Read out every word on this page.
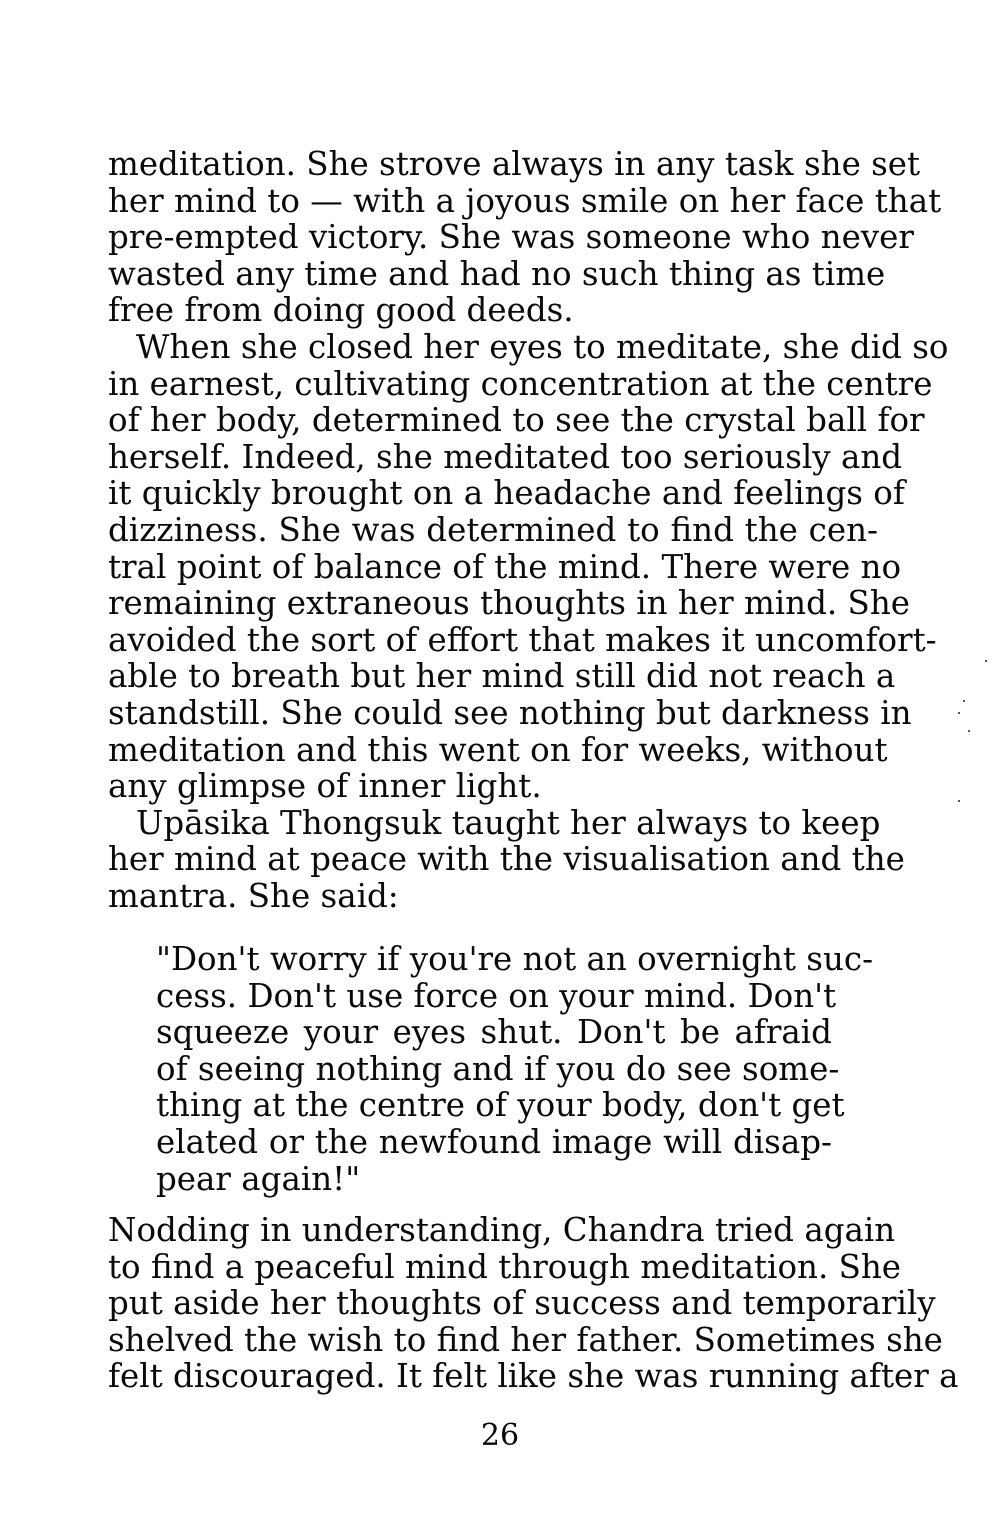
meditation. She strove always in any task she set
her mind to — with a joyous smile on her face that
pre-empted victory. She was someone who never
wasted any time and had no such thing as time
free from doing good deeds.
When she closed her eyes to meditate, she did so
in earnest, cultivating concentration at the centre
of her body, determined to see the crystal ball for
herself. Indeed, she meditated too seriously and
it quickly brought on a headache and feelings of
dizziness. She was determined to find the cen-
tral point of balance of the mind. There were no
remaining extraneous thoughts in her mind. She
avoided the sort of effort that makes it uncomfort-
able to breath but her mind still did not reach a
standstill. She could see nothing but darkness in
meditation and this went on for weeks, without
any glimpse of inner light.
Upāsika Thongsuk taught her always to keep
her mind at peace with the visualisation and the
mantra. She said:
"Don't worry if you're not an overnight suc-
cess. Don't use force on your mind. Don't
squeeze your eyes shut. Don't be afraid
of seeing nothing and if you do see some-
thing at the centre of your body, don't get
elated or the newfound image will disap-
pear again!"
Nodding in understanding, Chandra tried again
to find a peaceful mind through meditation. She
put aside her thoughts of success and temporarily
shelved the wish to find her father. Sometimes she
felt discouraged. It felt like she was running after a
26
